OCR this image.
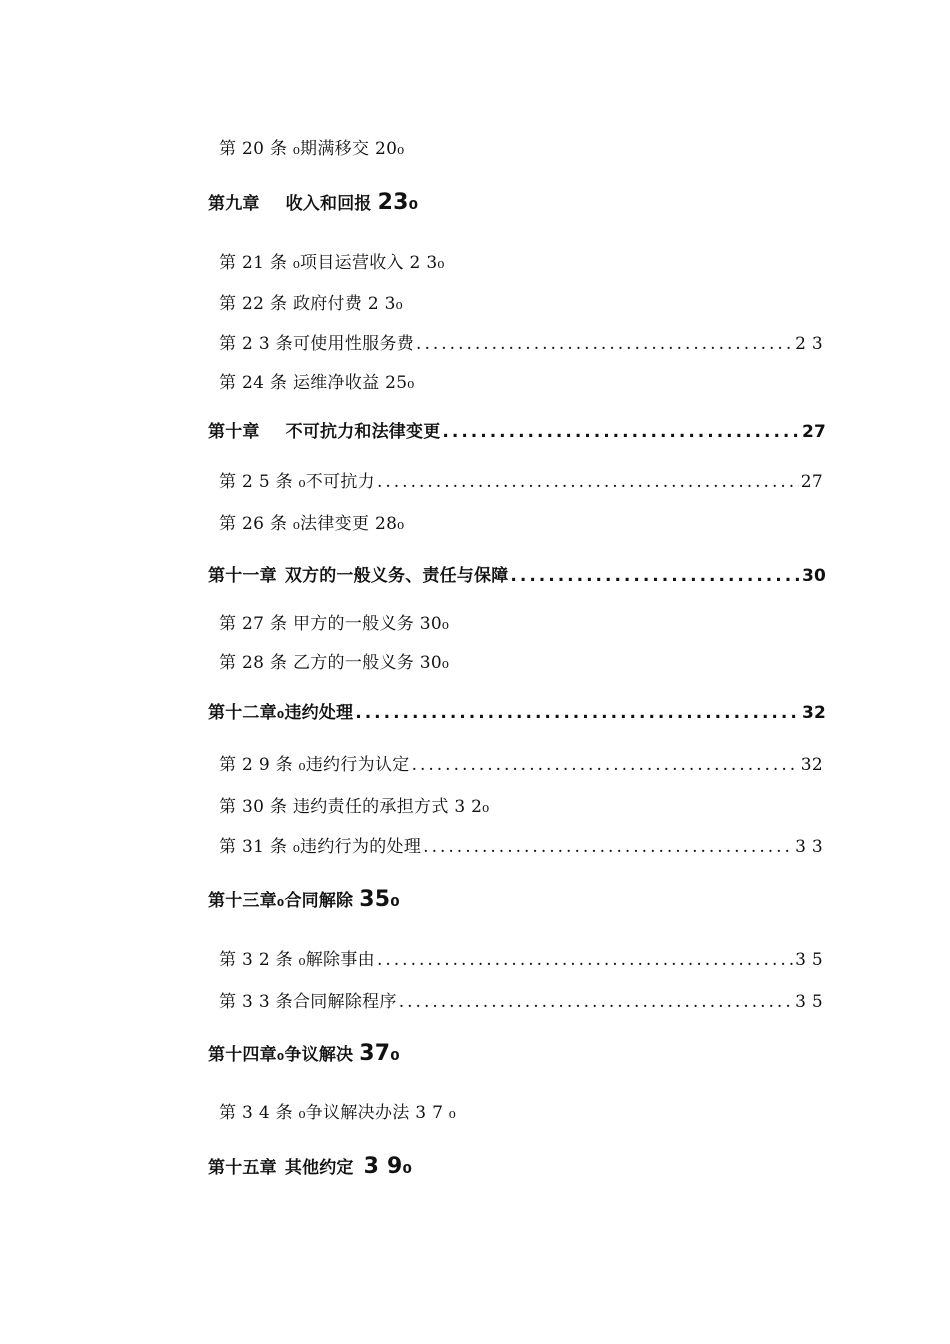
第 20 条 ₀期满移交 20₀
第九章 收入和回报 23₀
第 21 条 ₀项目运营收入 2 3₀
第 22 条 政府付费 2 3₀
第 2 3 条可使用性服务费 .....	2 3
第 24 条 运维净收益 25₀
第十章 不可抗力和法律变更 .....	27
第 2 5 条 ₀不可抗力 .....	27
第 26 条 ₀法律变更 28₀
第十一章 双方的一般义务、责任与保障 .....	30
第 27 条 甲方的一般义务 30₀
第 28 条 乙方的一般义务 30₀
第十二章 ₀违约处理 .....	32
第 2 9 条 ₀违约行为认定 .....	32
第 30 条 违约责任的承担方式 3 2₀
第 31 条 ₀违约行为的处理 .....	3 3
第十三章 ₀合同解除 35₀
第 3 2 条 ₀解除事由 .....	3 5
第 3 3 条合同解除程序 .....	3 5
第十四章 ₀争议解决 37₀
第 3 4 条 ₀争议解决办法 3 7 ₀
第十五章 其他约定 3 9₀
